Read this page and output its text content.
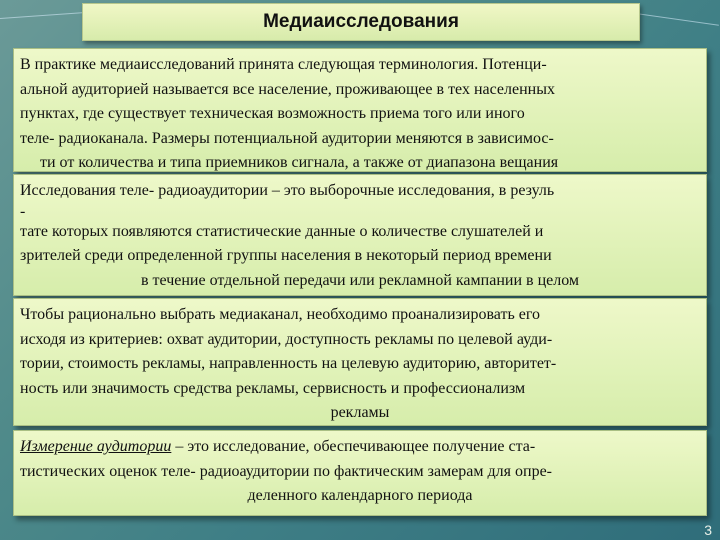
Медиаисследования
В практике медиаисследований принята следующая терминология. Потенци-
альной аудиторией называется все население, проживающее в тех населенных
пунктах, где существует техническая возможность приема того или иного
теле- радиоканала. Размеры потенциальной аудитории меняются в зависимос-
ти от количества и типа приемников сигнала, а также от диапазона вещания
Исследования теле- радиоаудитории – это выборочные исследования, в резуль
-
тате которых появляются статистические данные о количестве слушателей и
зрителей среди определенной группы населения в некоторый период времени
в течение отдельной передачи или рекламной кампании в целом
Чтобы рационально выбрать медиаканал, необходимо проанализировать его
исходя из критериев: охват аудитории, доступность рекламы по целевой ауди-
тории, стоимость рекламы, направленность на целевую аудиторию, авторитет-
ность или значимость средства рекламы, сервисность и профессионализм
рекламы
Измерение аудитории – это исследование, обеспечивающее получение ста-
тистических оценок теле- радиоаудитории по фактическим замерам для опре-
деленного календарного периода
3
